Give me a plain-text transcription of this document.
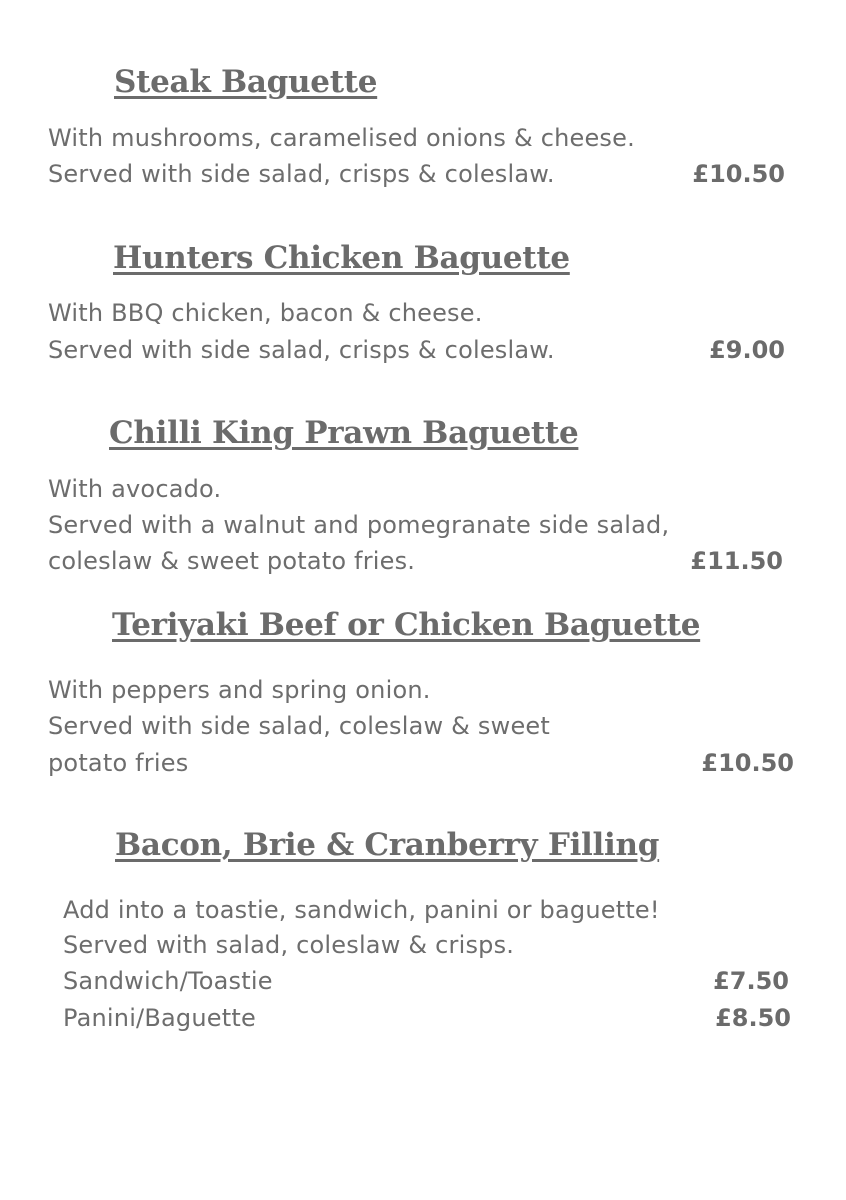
Steak Baguette
With mushrooms, caramelised onions & cheese.
Served with side salad, crisps & coleslaw.	£10.50
Hunters Chicken Baguette
With BBQ chicken, bacon & cheese.
Served with side salad, crisps & coleslaw.	£9.00
Chilli King Prawn Baguette
With avocado.
Served with a walnut and pomegranate side salad,
coleslaw & sweet potato fries.	£11.50
Teriyaki Beef or Chicken Baguette
With peppers and spring onion.
Served with side salad, coleslaw & sweet
potato fries	£10.50
Bacon, Brie & Cranberry Filling
Add into a toastie, sandwich, panini or baguette!
Served with salad, coleslaw & crisps.
Sandwich/Toastie	£7.50
Panini/Baguette	£8.50
